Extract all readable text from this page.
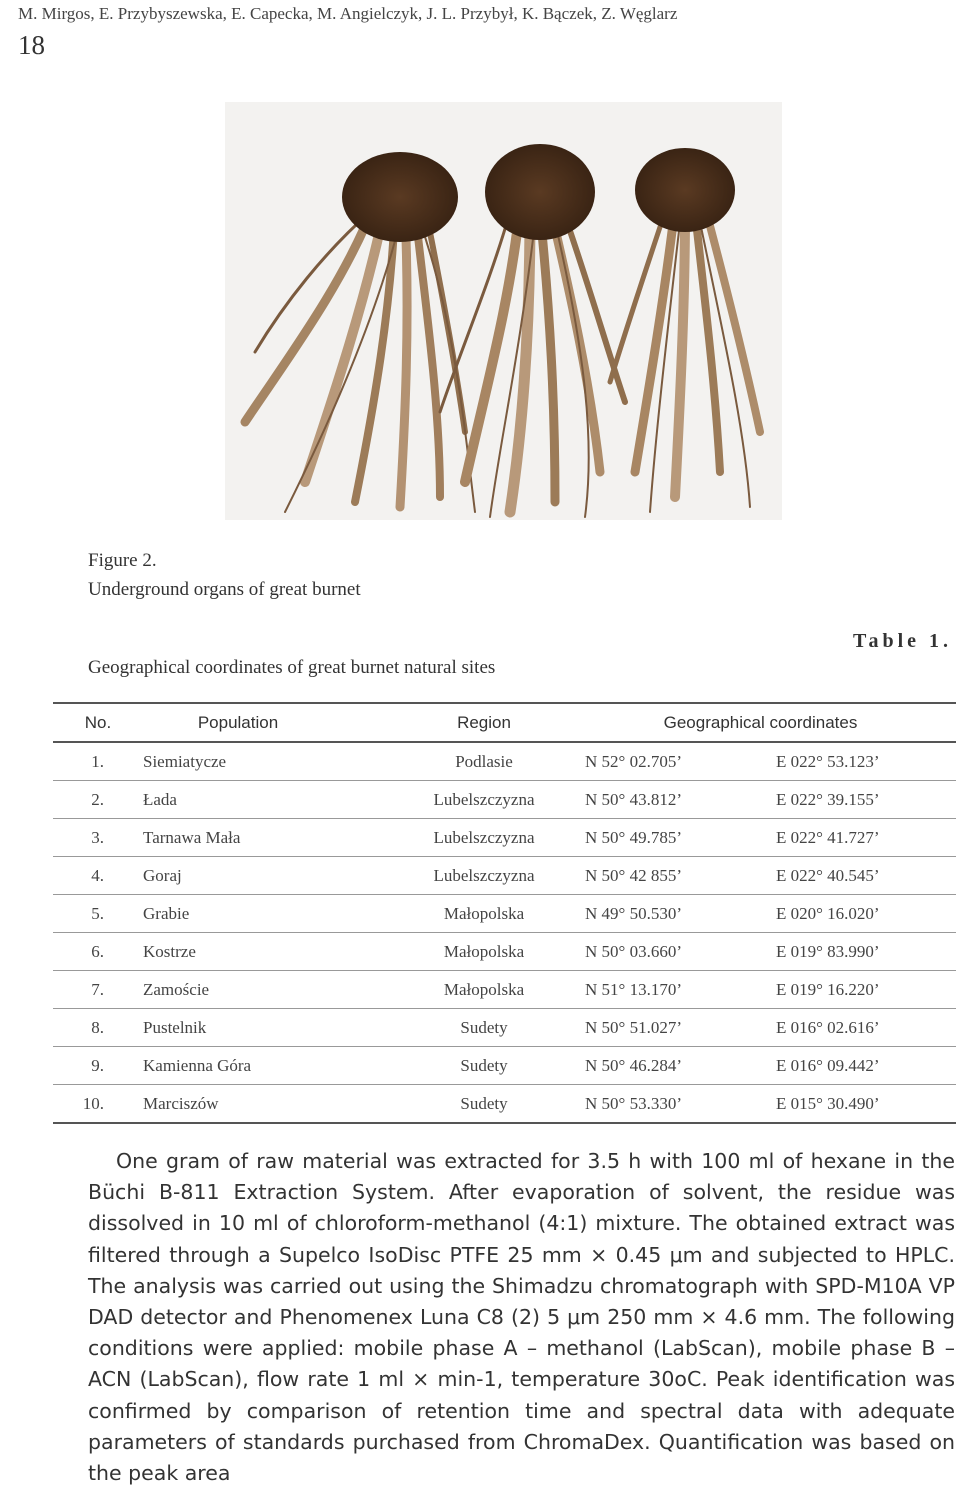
M. Mirgos, E. Przybyszewska, E. Capecka, M. Angielczyk, J. L. Przybył, K. Bączek, Z. Węglarz
18
Figure 2.
Underground organs of great burnet
Table 1.
Geographical coordinates of great burnet natural sites
No.	Population	Region	Geographical coordinates	
1.	Siemiatycze	Podlasie	N 52° 02.705’	E 022° 53.123’
2.	Łada	Lubelszczyzna	N 50° 43.812’	E 022° 39.155’
3.	Tarnawa Mała	Lubelszczyzna	N 50° 49.785’	E 022° 41.727’
4.	Goraj	Lubelszczyzna	N 50° 42 855’	E 022° 40.545’
5.	Grabie	Małopolska	N 49° 50.530’	E 020° 16.020’
6.	Kostrze	Małopolska	N 50° 03.660’	E 019° 83.990’
7.	Zamoście	Małopolska	N 51° 13.170’	E 019° 16.220’
8.	Pustelnik	Sudety	N 50° 51.027’	E 016° 02.616’
9.	Kamienna Góra	Sudety	N 50° 46.284’	E 016° 09.442’
10.	Marciszów	Sudety	N 50° 53.330’	E 015° 30.490’

One gram of raw material was extracted for 3.5 h with 100 ml of hexane in the Büchi B-811 Extraction System. After evaporation of solvent, the residue was dissolved in 10 ml of chloroform-methanol (4:1) mixture. The obtained extract was filtered through a Supelco IsoDisc PTFE 25 mm × 0.45 μm and subjected to HPLC. The analysis was carried out using the Shimadzu chromatograph with SPD-M10A VP DAD detector and Phenomenex Luna C8 (2) 5 μm 250 mm × 4.6 mm. The following conditions were applied: mobile phase A – methanol (LabScan), mobile phase B – ACN (LabScan), flow rate 1 ml × min-1, temperature 30oC. Peak identification was confirmed by comparison of retention time and spectral data with adequate parameters of standards purchased from ChromaDex. Quantification was based on the peak area
